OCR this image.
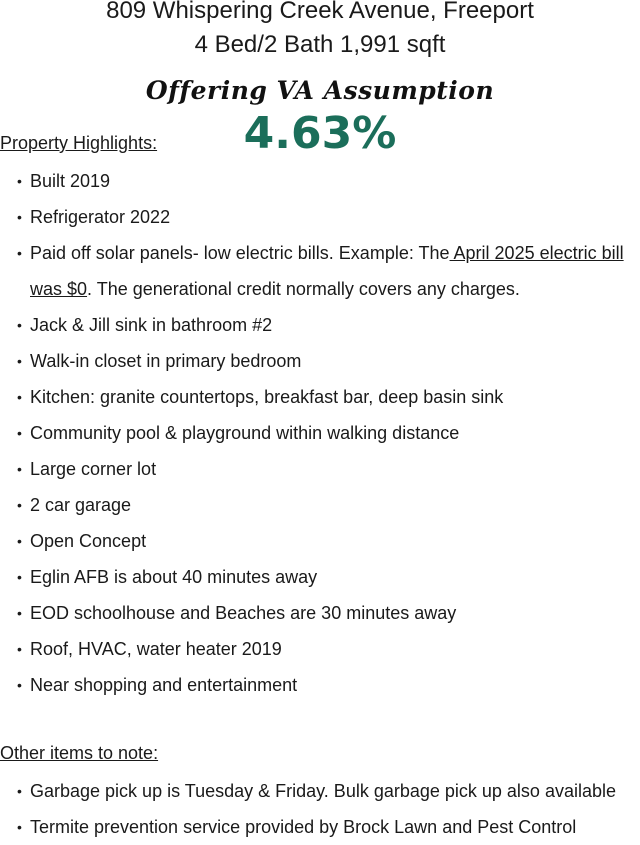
809 Whispering Creek Avenue, Freeport
4 Bed/2 Bath 1,991 sqft
Offering VA Assumption
4.63%
Property Highlights:
• Built 2019
• Refrigerator 2022
• Paid off solar panels- low electric bills. Example: The April 2025 electric bill was $0. The generational credit normally covers any charges.
• Jack & Jill sink in bathroom #2
• Walk-in closet in primary bedroom
• Kitchen: granite countertops, breakfast bar, deep basin sink
• Community pool & playground within walking distance
• Large corner lot
• 2 car garage
• Open Concept
• Eglin AFB is about 40 minutes away
• EOD schoolhouse and Beaches are 30 minutes away
• Roof, HVAC, water heater 2019
• Near shopping and entertainment
Other items to note:
• Garbage pick up is Tuesday & Friday. Bulk garbage pick up also available
• Termite prevention service provided by Brock Lawn and Pest Control
